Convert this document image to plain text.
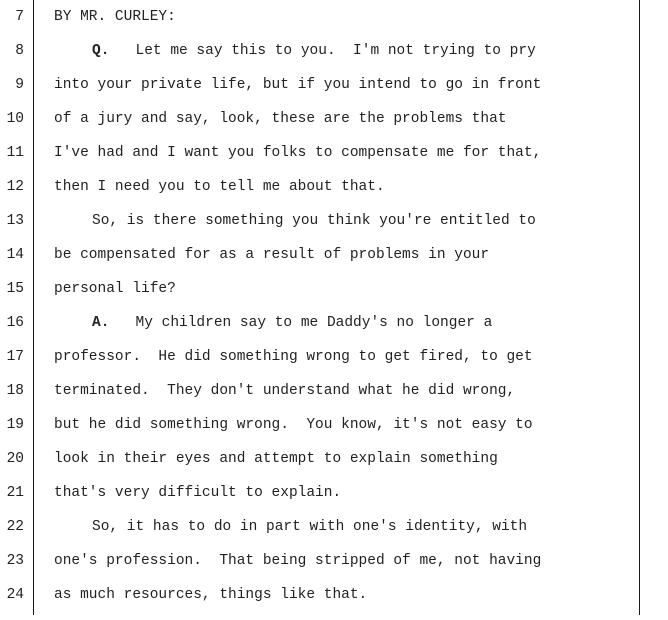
7 BY MR. CURLEY:
8	Q.   Let me say this to you.  I'm not trying to pry
9 into your private life, but if you intend to go in front
10 of a jury and say, look, these are the problems that
11 I've had and I want you folks to compensate me for that,
12 then I need you to tell me about that.
13	So, is there something you think you're entitled to
14 be compensated for as a result of problems in your
15 personal life?
16	A.   My children say to me Daddy's no longer a
17 professor.  He did something wrong to get fired, to get
18 terminated.  They don't understand what he did wrong,
19 but he did something wrong.  You know, it's not easy to
20 look in their eyes and attempt to explain something
21 that's very difficult to explain.
22	So, it has to do in part with one's identity, with
23 one's profession.  That being stripped of me, not having
24 as much resources, things like that.
